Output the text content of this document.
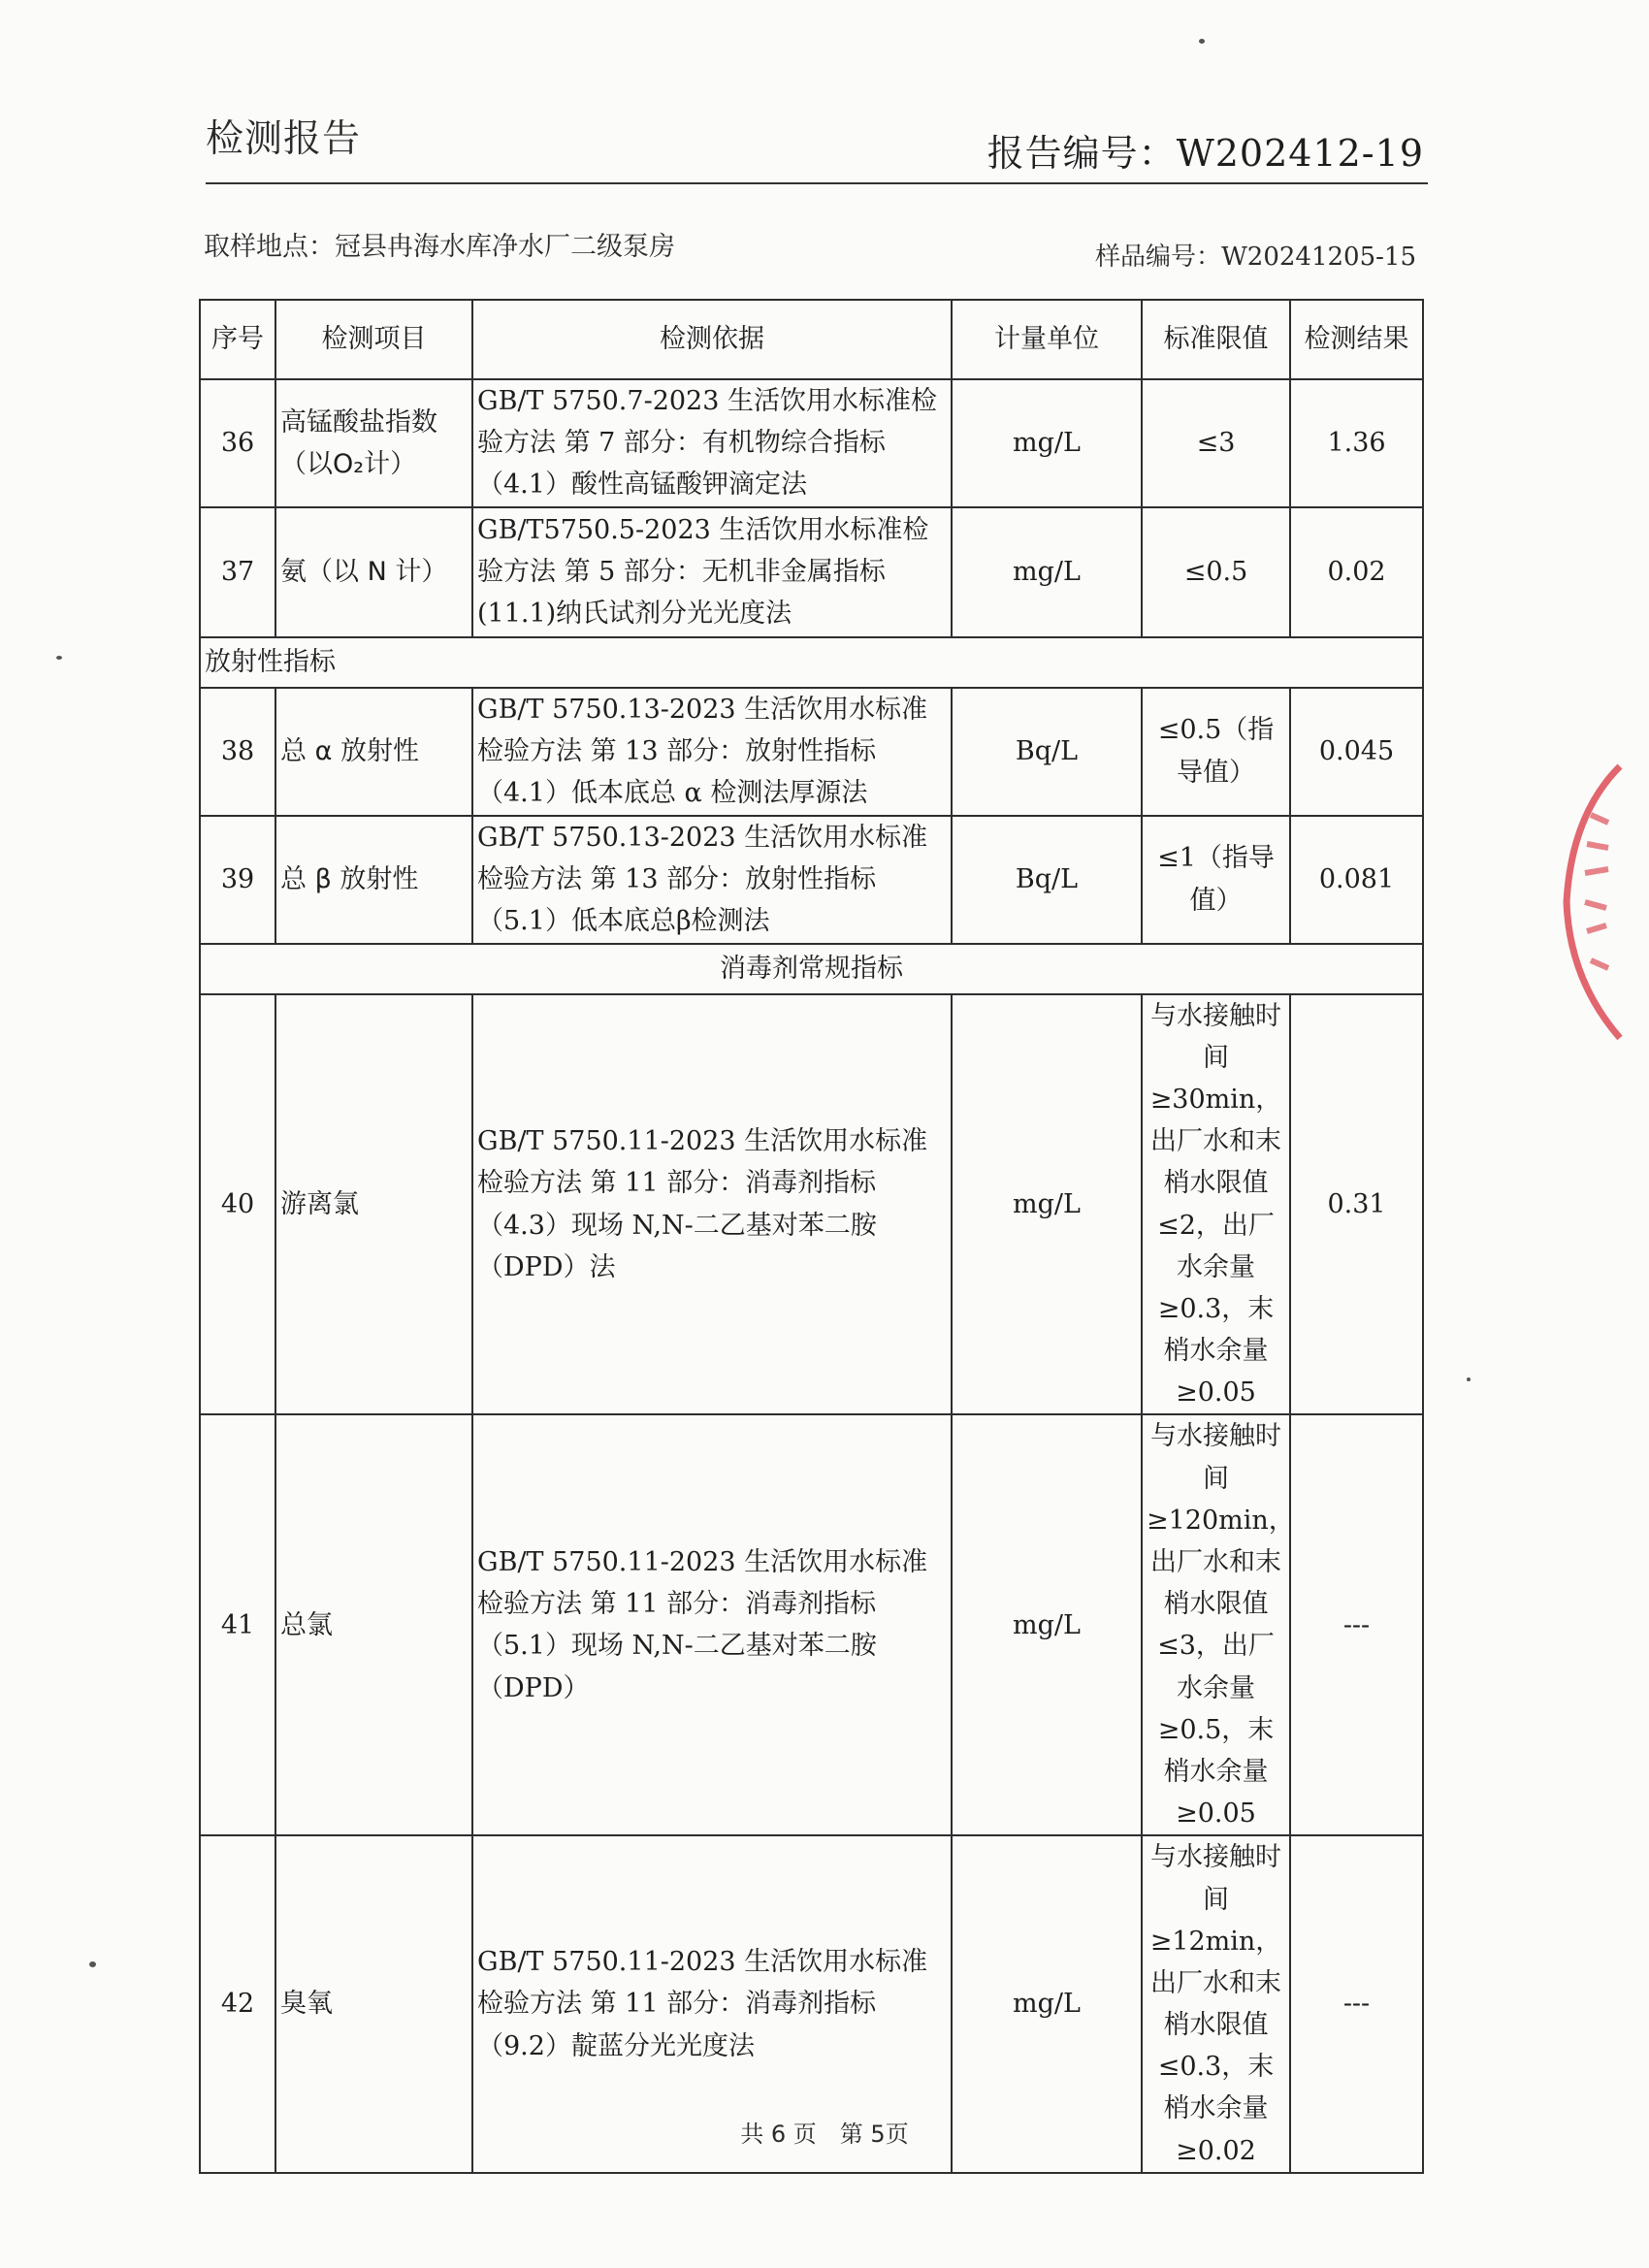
检测报告	报告编号：W202412-19
取样地点：冠县冉海水库净水厂二级泵房	样品编号：W20241205-15
序号	检测项目	检测依据	计量单位	标准限值	检测结果
36	高锰酸盐指数（以O₂计）	GB/T 5750.7-2023 生活饮用水标准检验方法 第 7 部分：有机物综合指标（4.1）酸性高锰酸钾滴定法	mg/L	≤3	1.36
37	氨（以 N 计）	GB/T5750.5-2023 生活饮用水标准检验方法 第 5 部分：无机非金属指标(11.1)纳氏试剂分光光度法	mg/L	≤0.5	0.02
放射性指标					
38	总 α 放射性	GB/T 5750.13-2023 生活饮用水标准检验方法 第 13 部分：放射性指标（4.1）低本底总 α 检测法厚源法	Bq/L	≤0.5（指导值）	0.045
39	总 β 放射性	GB/T 5750.13-2023 生活饮用水标准检验方法 第 13 部分：放射性指标（5.1）低本底总β检测法	Bq/L	≤1（指导值）	0.081
消毒剂常规指标					
40	游离氯	GB/T 5750.11-2023 生活饮用水标准检验方法 第 11 部分：消毒剂指标（4.3）现场 N,N-二乙基对苯二胺（DPD）法	mg/L	与水接触时间≥30min，出厂水和末梢水限值≤2，出厂水余量≥0.3，末梢水余量≥0.05	0.31
41	总氯	GB/T 5750.11-2023 生活饮用水标准检验方法 第 11 部分：消毒剂指标（5.1）现场 N,N-二乙基对苯二胺（DPD）	mg/L	与水接触时间≥120min，出厂水和末梢水限值≤3，出厂水余量≥0.5，末梢水余量≥0.05	---
42	臭氧	GB/T 5750.11-2023 生活饮用水标准检验方法 第 11 部分：消毒剂指标（9.2）靛蓝分光光度法	mg/L	与水接触时间≥12min，出厂水和末梢水限值≤0.3，末梢水余量≥0.02	---
共 6 页　第 5页
